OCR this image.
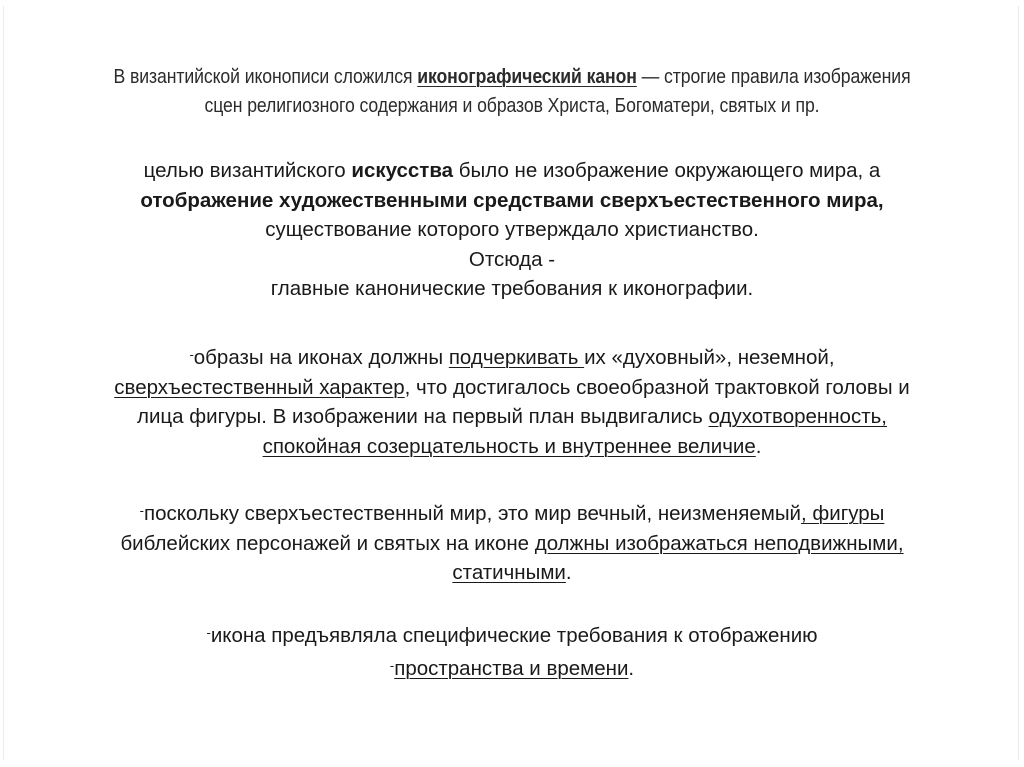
В византийской иконописи сложился иконографический канон — строгие правила изображения
сцен религиозного содержания и образов Христа, Богоматери, святых и пр.
целью византийского искусства было не изображение окружающего мира, а
отображение художественными средствами сверхъестественного мира,
существование которого утверждало христианство.
Отсюда -
главные канонические требования к иконографии.
-образы на иконах должны подчеркивать их «духовный», неземной,
сверхъестественный характер, что достигалось своеобразной трактовкой головы и
лица фигуры. В изображении на первый план выдвигались одухотворенность,
спокойная созерцательность и внутреннее величие.
-поскольку сверхъестественный мир, это мир вечный, неизменяемый, фигуры
библейских персонажей и святых на иконе должны изображаться неподвижными,
статичными.
-икона предъявляла специфические требования к отображению
-пространства и времени.
